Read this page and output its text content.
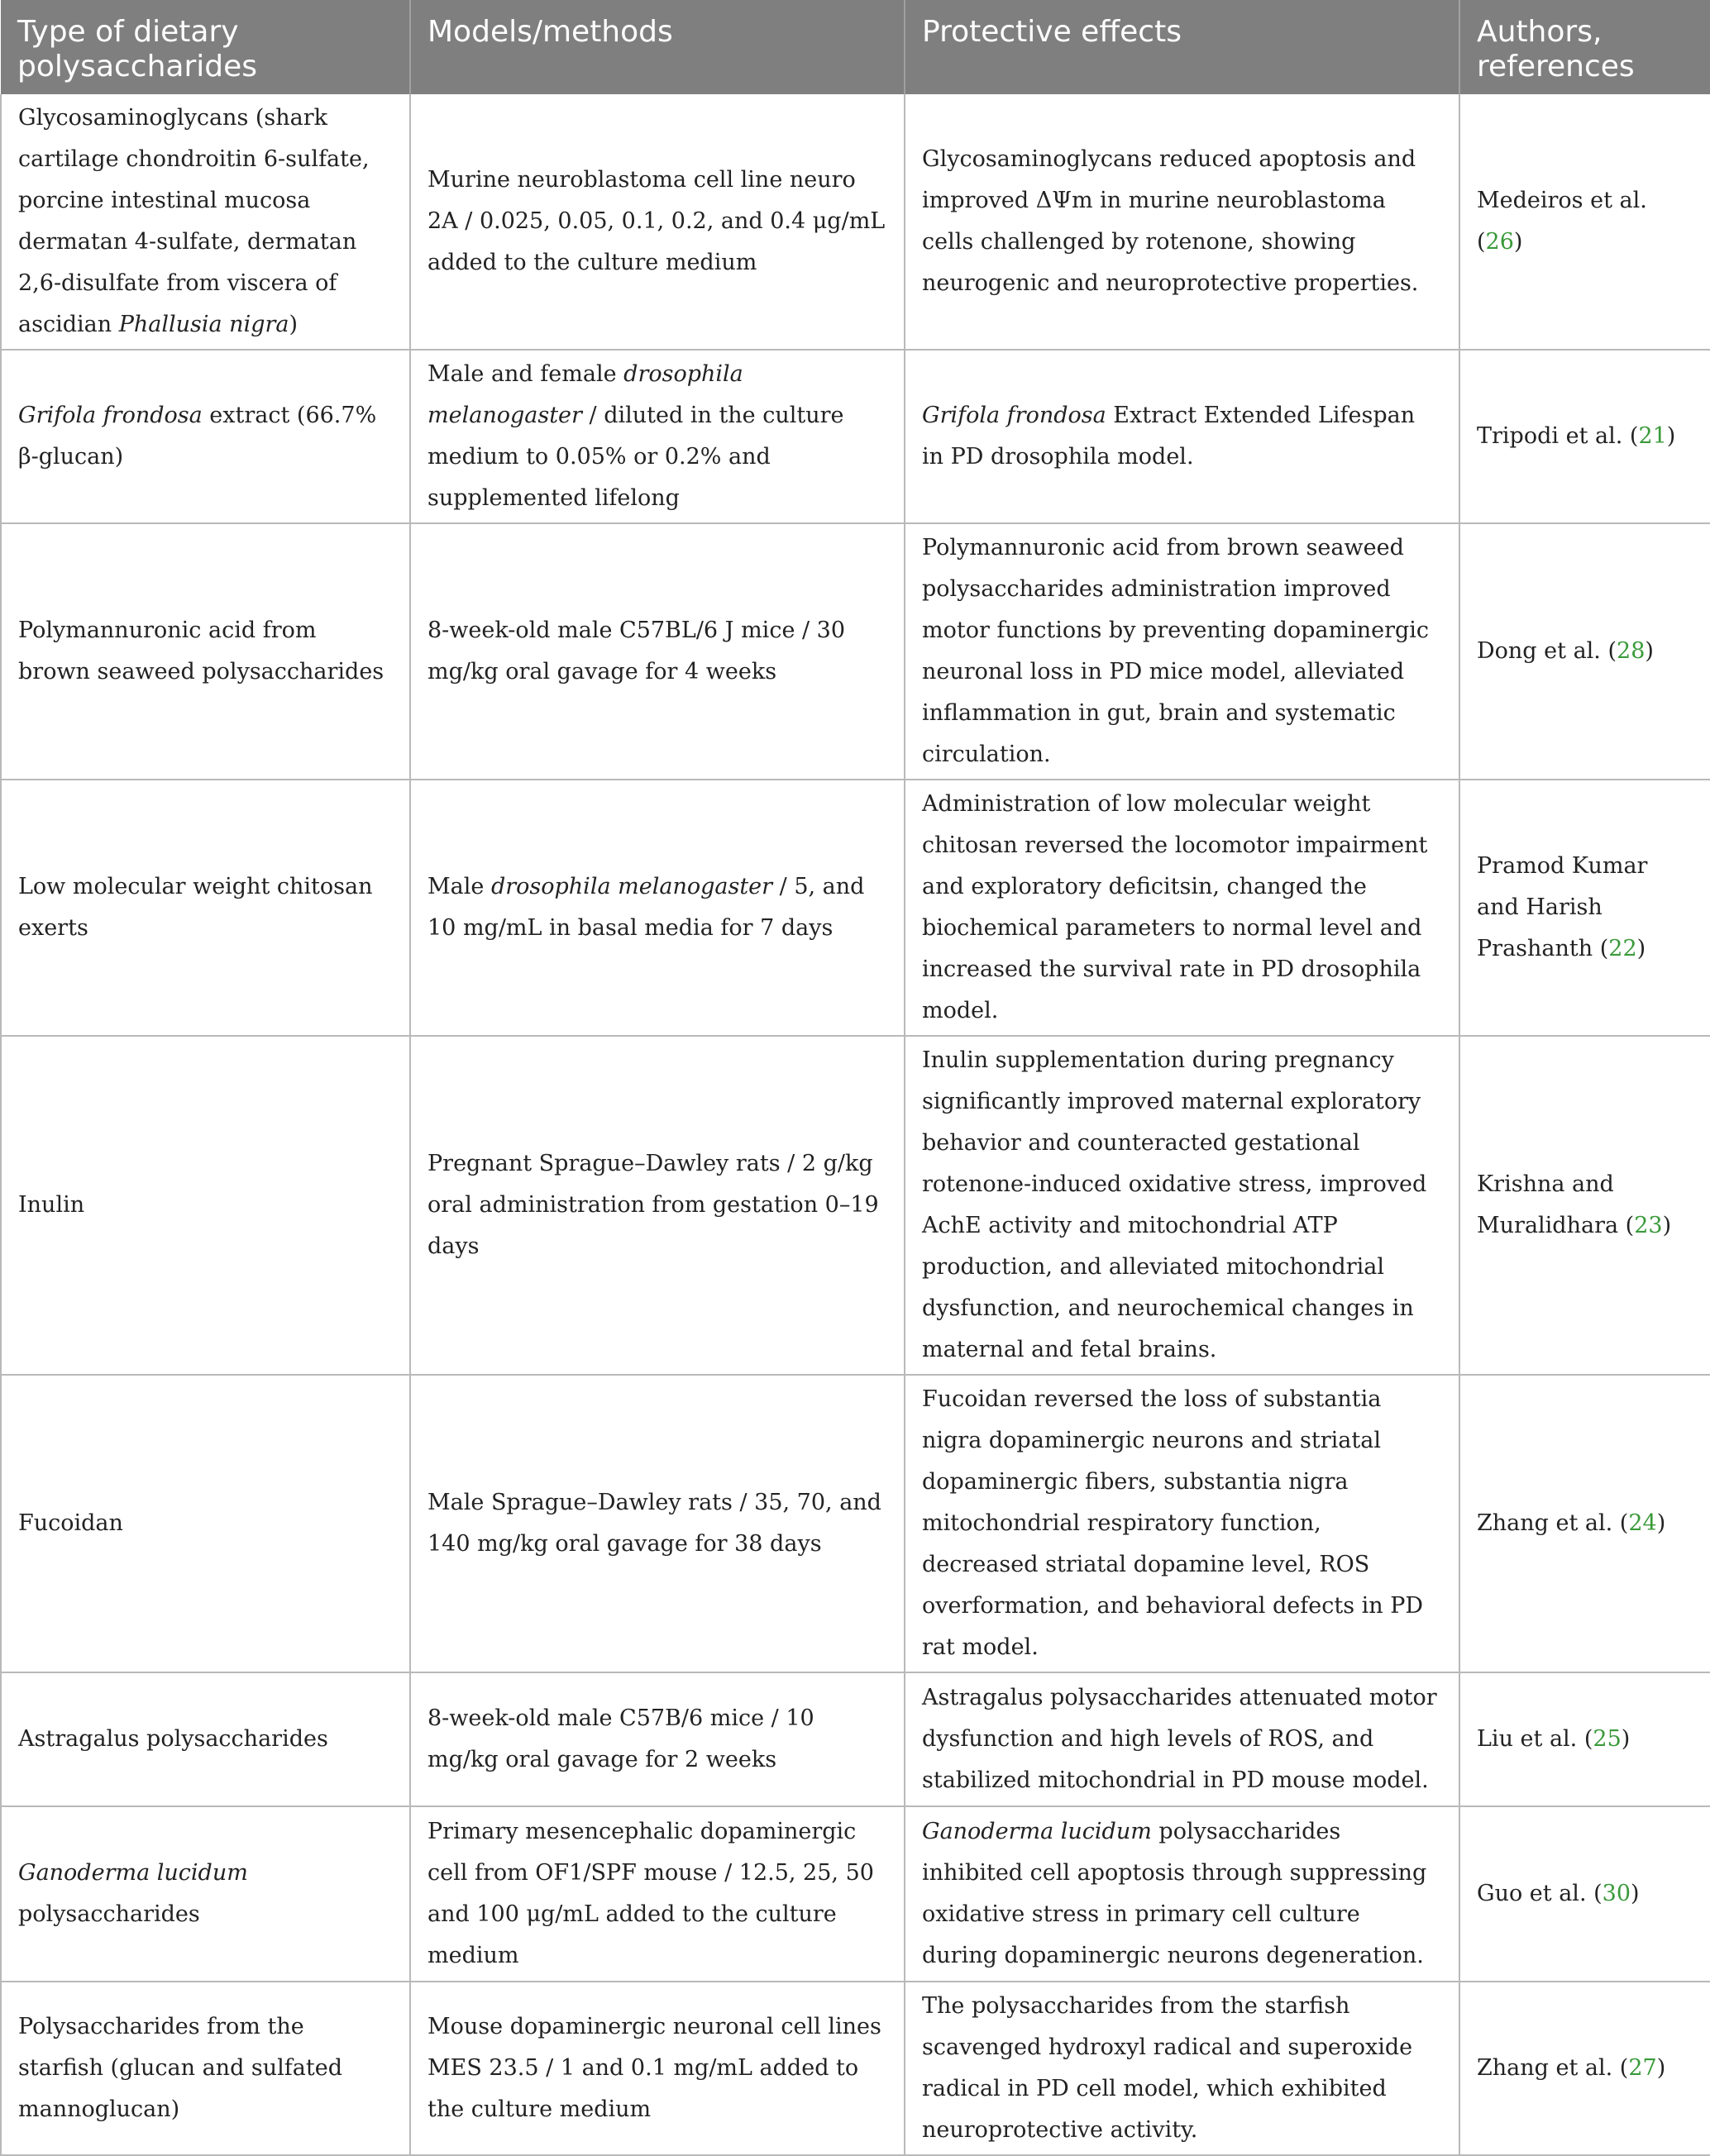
Type of dietary polysaccharides	Models/methods	Protective effects	Authors, references
Glycosaminoglycans (shark cartilage chondroitin 6-sulfate, porcine intestinal mucosa dermatan 4-sulfate, dermatan 2,6-disulfate from viscera of ascidian Phallusia nigra)	Murine neuroblastoma cell line neuro 2A / 0.025, 0.05, 0.1, 0.2, and 0.4 μg/mL added to the culture medium	Glycosaminoglycans reduced apoptosis and improved ΔΨm in murine neuroblastoma cells challenged by rotenone, showing neurogenic and neuroprotective properties.	Medeiros et al. (26)
Grifola frondosa extract (66.7% β-glucan)	Male and female drosophila melanogaster / diluted in the culture medium to 0.05% or 0.2% and supplemented lifelong	Grifola frondosa Extract Extended Lifespan in PD drosophila model.	Tripodi et al. (21)
Polymannuronic acid from brown seaweed polysaccharides	8-week-old male C57BL/6 J mice / 30 mg/kg oral gavage for 4 weeks	Polymannuronic acid from brown seaweed polysaccharides administration improved motor functions by preventing dopaminergic neuronal loss in PD mice model, alleviated inflammation in gut, brain and systematic circulation.	Dong et al. (28)
Low molecular weight chitosan exerts	Male drosophila melanogaster / 5, and 10 mg/mL in basal media for 7 days	Administration of low molecular weight chitosan reversed the locomotor impairment and exploratory deficitsin, changed the biochemical parameters to normal level and increased the survival rate in PD drosophila model.	Pramod Kumar and Harish Prashanth (22)
Inulin	Pregnant Sprague–Dawley rats / 2 g/kg oral administration from gestation 0–19 days	Inulin supplementation during pregnancy significantly improved maternal exploratory behavior and counteracted gestational rotenone-induced oxidative stress, improved AchE activity and mitochondrial ATP production, and alleviated mitochondrial dysfunction, and neurochemical changes in maternal and fetal brains.	Krishna and Muralidhara (23)
Fucoidan	Male Sprague–Dawley rats / 35, 70, and 140 mg/kg oral gavage for 38 days	Fucoidan reversed the loss of substantia nigra dopaminergic neurons and striatal dopaminergic fibers, substantia nigra mitochondrial respiratory function, decreased striatal dopamine level, ROS overformation, and behavioral defects in PD rat model.	Zhang et al. (24)
Astragalus polysaccharides	8-week-old male C57B/6 mice / 10 mg/kg oral gavage for 2 weeks	Astragalus polysaccharides attenuated motor dysfunction and high levels of ROS, and stabilized mitochondrial in PD mouse model.	Liu et al. (25)
Ganoderma lucidum polysaccharides	Primary mesencephalic dopaminergic cell from OF1/SPF mouse / 12.5, 25, 50 and 100 μg/mL added to the culture medium	Ganoderma lucidum polysaccharides inhibited cell apoptosis through suppressing oxidative stress in primary cell culture during dopaminergic neurons degeneration.	Guo et al. (30)
Polysaccharides from the starfish (glucan and sulfated mannoglucan)	Mouse dopaminergic neuronal cell lines MES 23.5 / 1 and 0.1 mg/mL added to the culture medium	The polysaccharides from the starfish scavenged hydroxyl radical and superoxide radical in PD cell model, which exhibited neuroprotective activity.	Zhang et al. (27)
